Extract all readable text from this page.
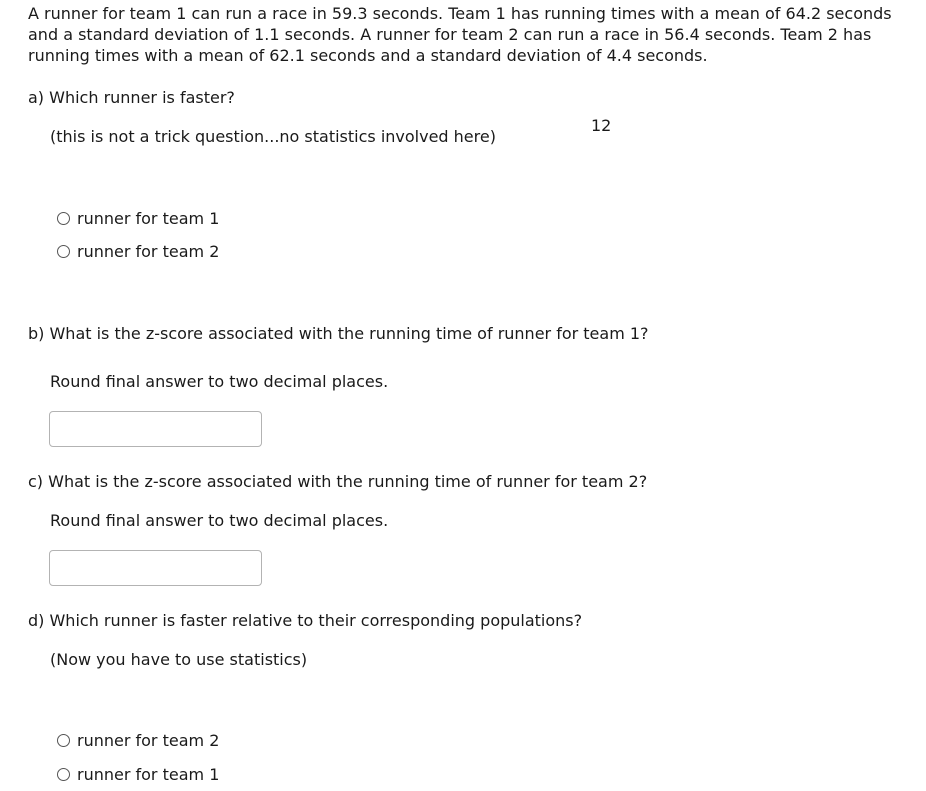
A runner for team 1 can run a race in 59.3 seconds. Team 1 has running times with a mean of 64.2 seconds
and a standard deviation of 1.1 seconds. A runner for team 2 can run a race in 56.4 seconds. Team 2 has
running times with a mean of 62.1 seconds and a standard deviation of 4.4 seconds.
a) Which runner is faster?
(this is not a trick question...no statistics involved here)
12
runner for team 1
runner for team 2
b) What is the z-score associated with the running time of runner for team 1?
Round final answer to two decimal places.
c) What is the z-score associated with the running time of runner for team 2?
Round final answer to two decimal places.
d) Which runner is faster relative to their corresponding populations?
(Now you have to use statistics)
runner for team 2
runner for team 1
